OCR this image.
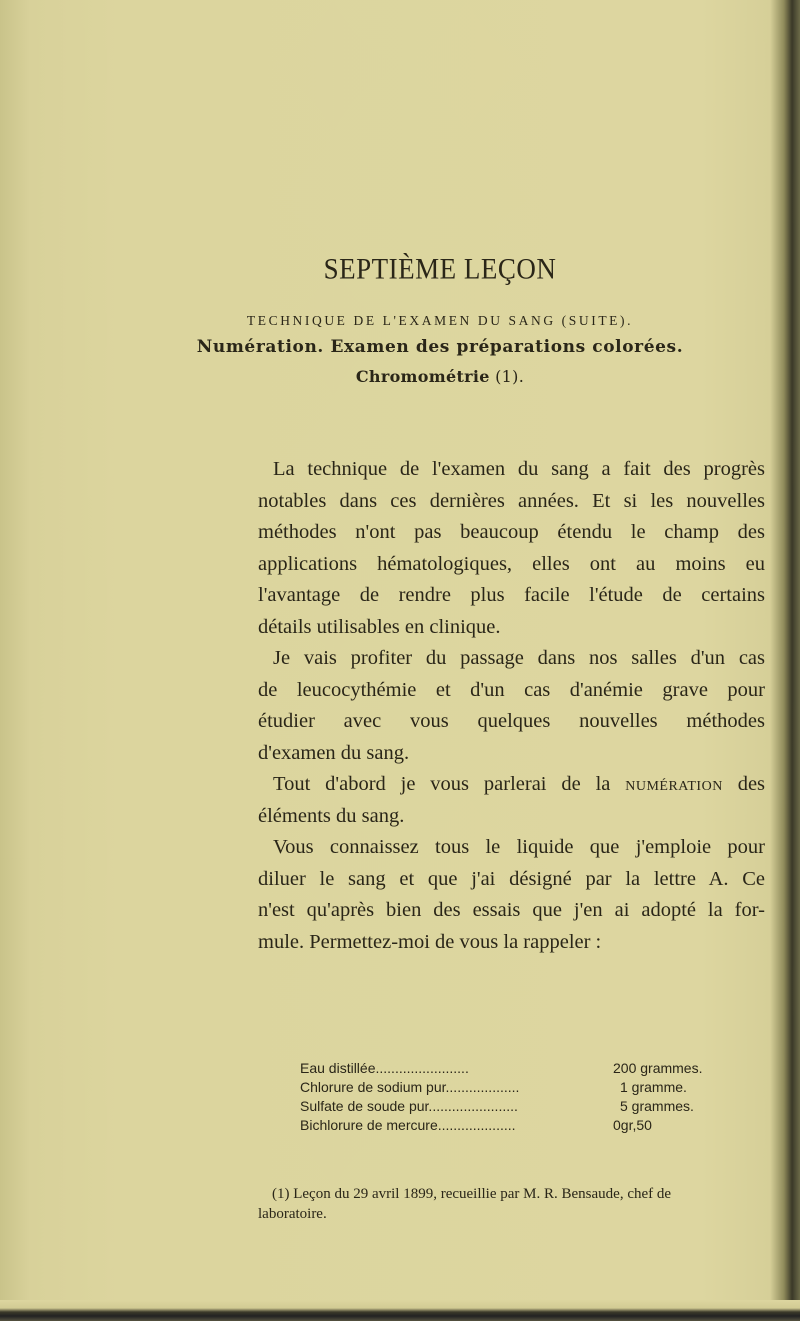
SEPTIÈME LEÇON
TECHNIQUE DE L'EXAMEN DU SANG (SUITE).
Numération. Examen des préparations colorées.
Chromométrie (1).
La technique de l'examen du sang a fait des progrès
notables dans ces dernières années. Et si les nouvelles
méthodes n'ont pas beaucoup étendu le champ des
applications hématologiques, elles ont au moins eu
l'avantage de rendre plus facile l'étude de certains
détails utilisables en clinique.
Je vais profiter du passage dans nos salles d'un cas
de leucocythémie et d'un cas d'anémie grave pour
étudier avec vous quelques nouvelles méthodes
d'examen du sang.
Tout d'abord je vous parlerai de la numération des
éléments du sang.
Vous connaissez tous le liquide que j'emploie pour
diluer le sang et que j'ai désigné par la lettre A. Ce
n'est qu'après bien des essais que j'en ai adopté la for-
mule. Permettez-moi de vous la rappeler :
Eau distillée........................	200 grammes.
Chlorure de sodium pur...................	1 gramme.
Sulfate de soude pur.......................	5 grammes.
Bichlorure de mercure....................	0gr,50
(1) Leçon du 29 avril 1899, recueillie par M. R. Bensaude, chef de
laboratoire.
